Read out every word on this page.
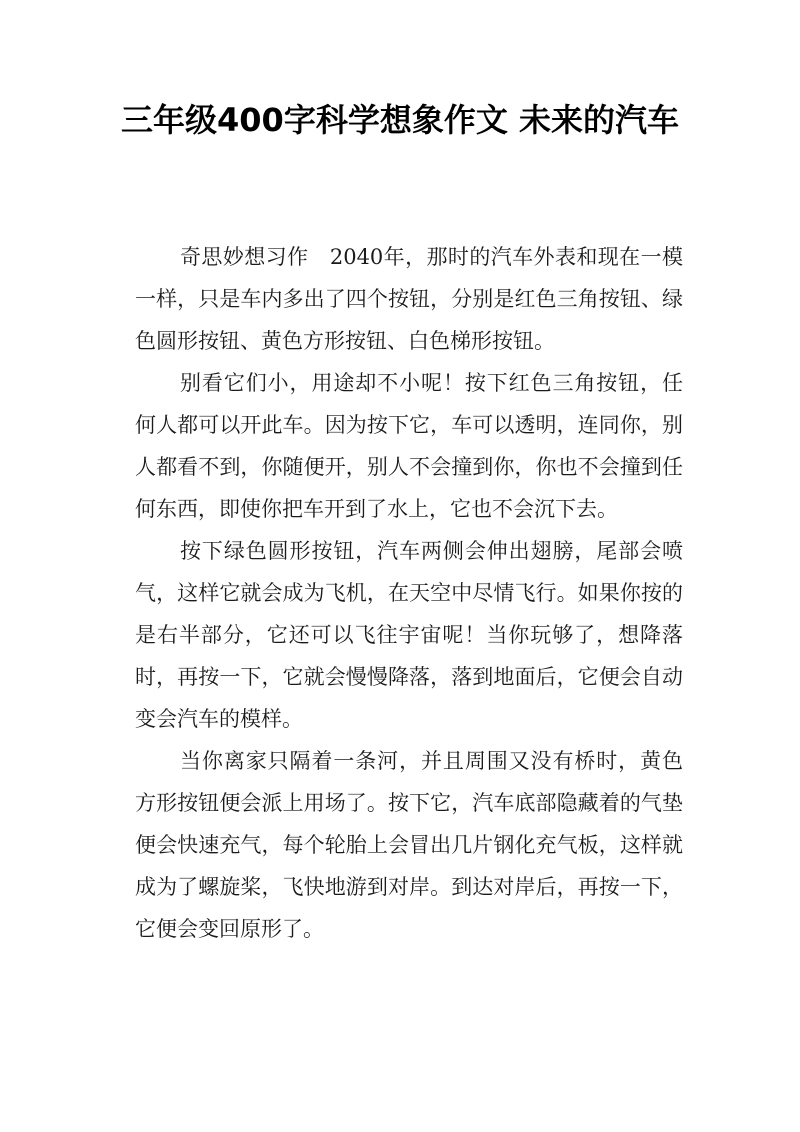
三年级400字科学想象作文 未来的汽车

奇思妙想习作　2040年，那时的汽车外表和现在一模一样，只是车内多出了四个按钮，分别是红色三角按钮、绿色圆形按钮、黄色方形按钮、白色梯形按钮。

别看它们小，用途却不小呢！按下红色三角按钮，任何人都可以开此车。因为按下它，车可以透明，连同你，别人都看不到，你随便开，别人不会撞到你，你也不会撞到任何东西，即使你把车开到了水上，它也不会沉下去。

按下绿色圆形按钮，汽车两侧会伸出翅膀，尾部会喷气，这样它就会成为飞机，在天空中尽情飞行。如果你按的是右半部分，它还可以飞往宇宙呢！当你玩够了，想降落时，再按一下，它就会慢慢降落，落到地面后，它便会自动变会汽车的模样。

当你离家只隔着一条河，并且周围又没有桥时，黄色方形按钮便会派上用场了。按下它，汽车底部隐藏着的气垫便会快速充气，每个轮胎上会冒出几片钢化充气板，这样就成为了螺旋桨，飞快地游到对岸。到达对岸后，再按一下，它便会变回原形了。
